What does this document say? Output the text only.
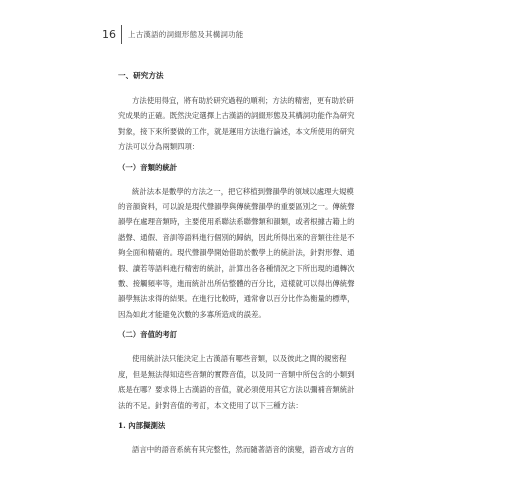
16 上古漢語的詞綴形態及其構詞功能
一、研究方法
方法使用得宜，將有助於研究過程的順利；方法的精密，更有助於研
究成果的正確。既然決定選擇上古漢語的詞綴形態及其構詞功能作為研究
對象，接下來所要做的工作，就是運用方法進行論述，本文所使用的研究
方法可以分為兩類四項：
（一）音類的統計
統計法本是數學的方法之一，把它移植到聲韻學的領域以處理大規模
的音韻資料，可以說是現代聲韻學與傳統聲韻學的重要區別之一。傳統聲
韻學在處理音類時，主要使用系聯法系聯聲類和韻類，或者根據古籍上的
諧聲、通假、音訓等語料進行個別的歸納，因此所得出來的音類往往是不
夠全面和精確的。現代聲韻學開始借助於數學上的統計法，針對形聲、通
假、讀若等語料進行精密的統計，計算出各各種情況之下所出現的通轉次
數、接觸頻率等，進而統計出所佔整體的百分比，這樣就可以得出傳統聲
韻學無法求得的結果。在進行比較時，通常會以百分比作為衡量的標準，
因為如此才能避免次數的多寡所造成的誤差。
（二）音值的考訂
使用統計法只能決定上古漢語有哪些音類，以及彼此之間的親密程
度，但是無法得知這些音類的實際音值，以及同一音類中所包含的小類到
底是在哪？要求得上古漢語的音值，就必須使用其它方法以彌補音類統計
法的不足。針對音值的考訂，本文使用了以下三種方法：
1. 內部擬測法
語言中的語音系統有其完整性，然而隨著語音的演變，語音或方言的
